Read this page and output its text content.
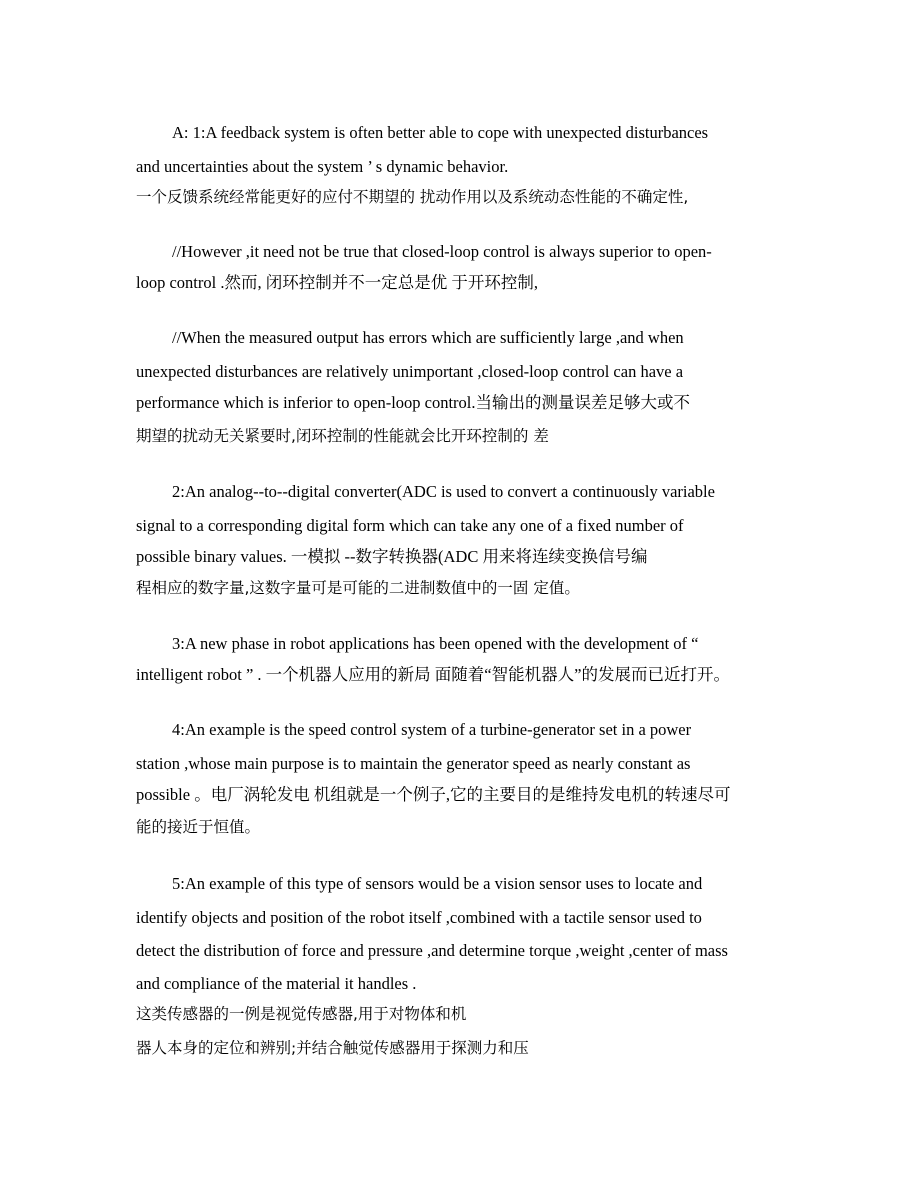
A: 1:A feedback system is often better able to cope with unexpected disturbances
and uncertainties about the system ’ s dynamic behavior.
一个反馈系统经常能更好的应付不期望的 扰动作用以及系统动态性能的不确定性,
//However ,it need not be true that closed-loop control is always superior to open-
loop control .然而, 闭环控制并不一定总是优 于开环控制,
//When the measured output has errors which are sufficiently large ,and when
unexpected disturbances are relatively unimportant ,closed-loop control can have a
performance which is inferior to open-loop control.当输出的测量误差足够大或不
期望的扰动无关紧要时,闭环控制的性能就会比开环控制的 差
2:An analog--to--digital converter(ADC is used to convert a continuously variable
signal to a corresponding digital form which can take any one of a fixed number of
possible binary values. 一模拟 --数字转换器(ADC 用来将连续变换信号编
程相应的数字量,这数字量可是可能的二进制数值中的一固 定值。
3:A new phase in robot applications has been opened with the development of “
intelligent robot ” . 一个机器人应用的新局 面随着“智能机器人”的发展而已近打开。
4:An example is the speed control system of a turbine-generator set in a power
station ,whose main purpose is to maintain the generator speed as nearly constant as
possible 。电厂涡轮发电 机组就是一个例子,它的主要目的是维持发电机的转速尽可
能的接近于恒值。
5:An example of this type of sensors would be a vision sensor uses to locate and
identify objects and position of the robot itself ,combined with a tactile sensor used to
detect the distribution of force and pressure ,and determine torque ,weight ,center of mass
and compliance of the material it handles .
这类传感器的一例是视觉传感器,用于对物体和机
器人本身的定位和辨别;并结合触觉传感器用于探测力和压
